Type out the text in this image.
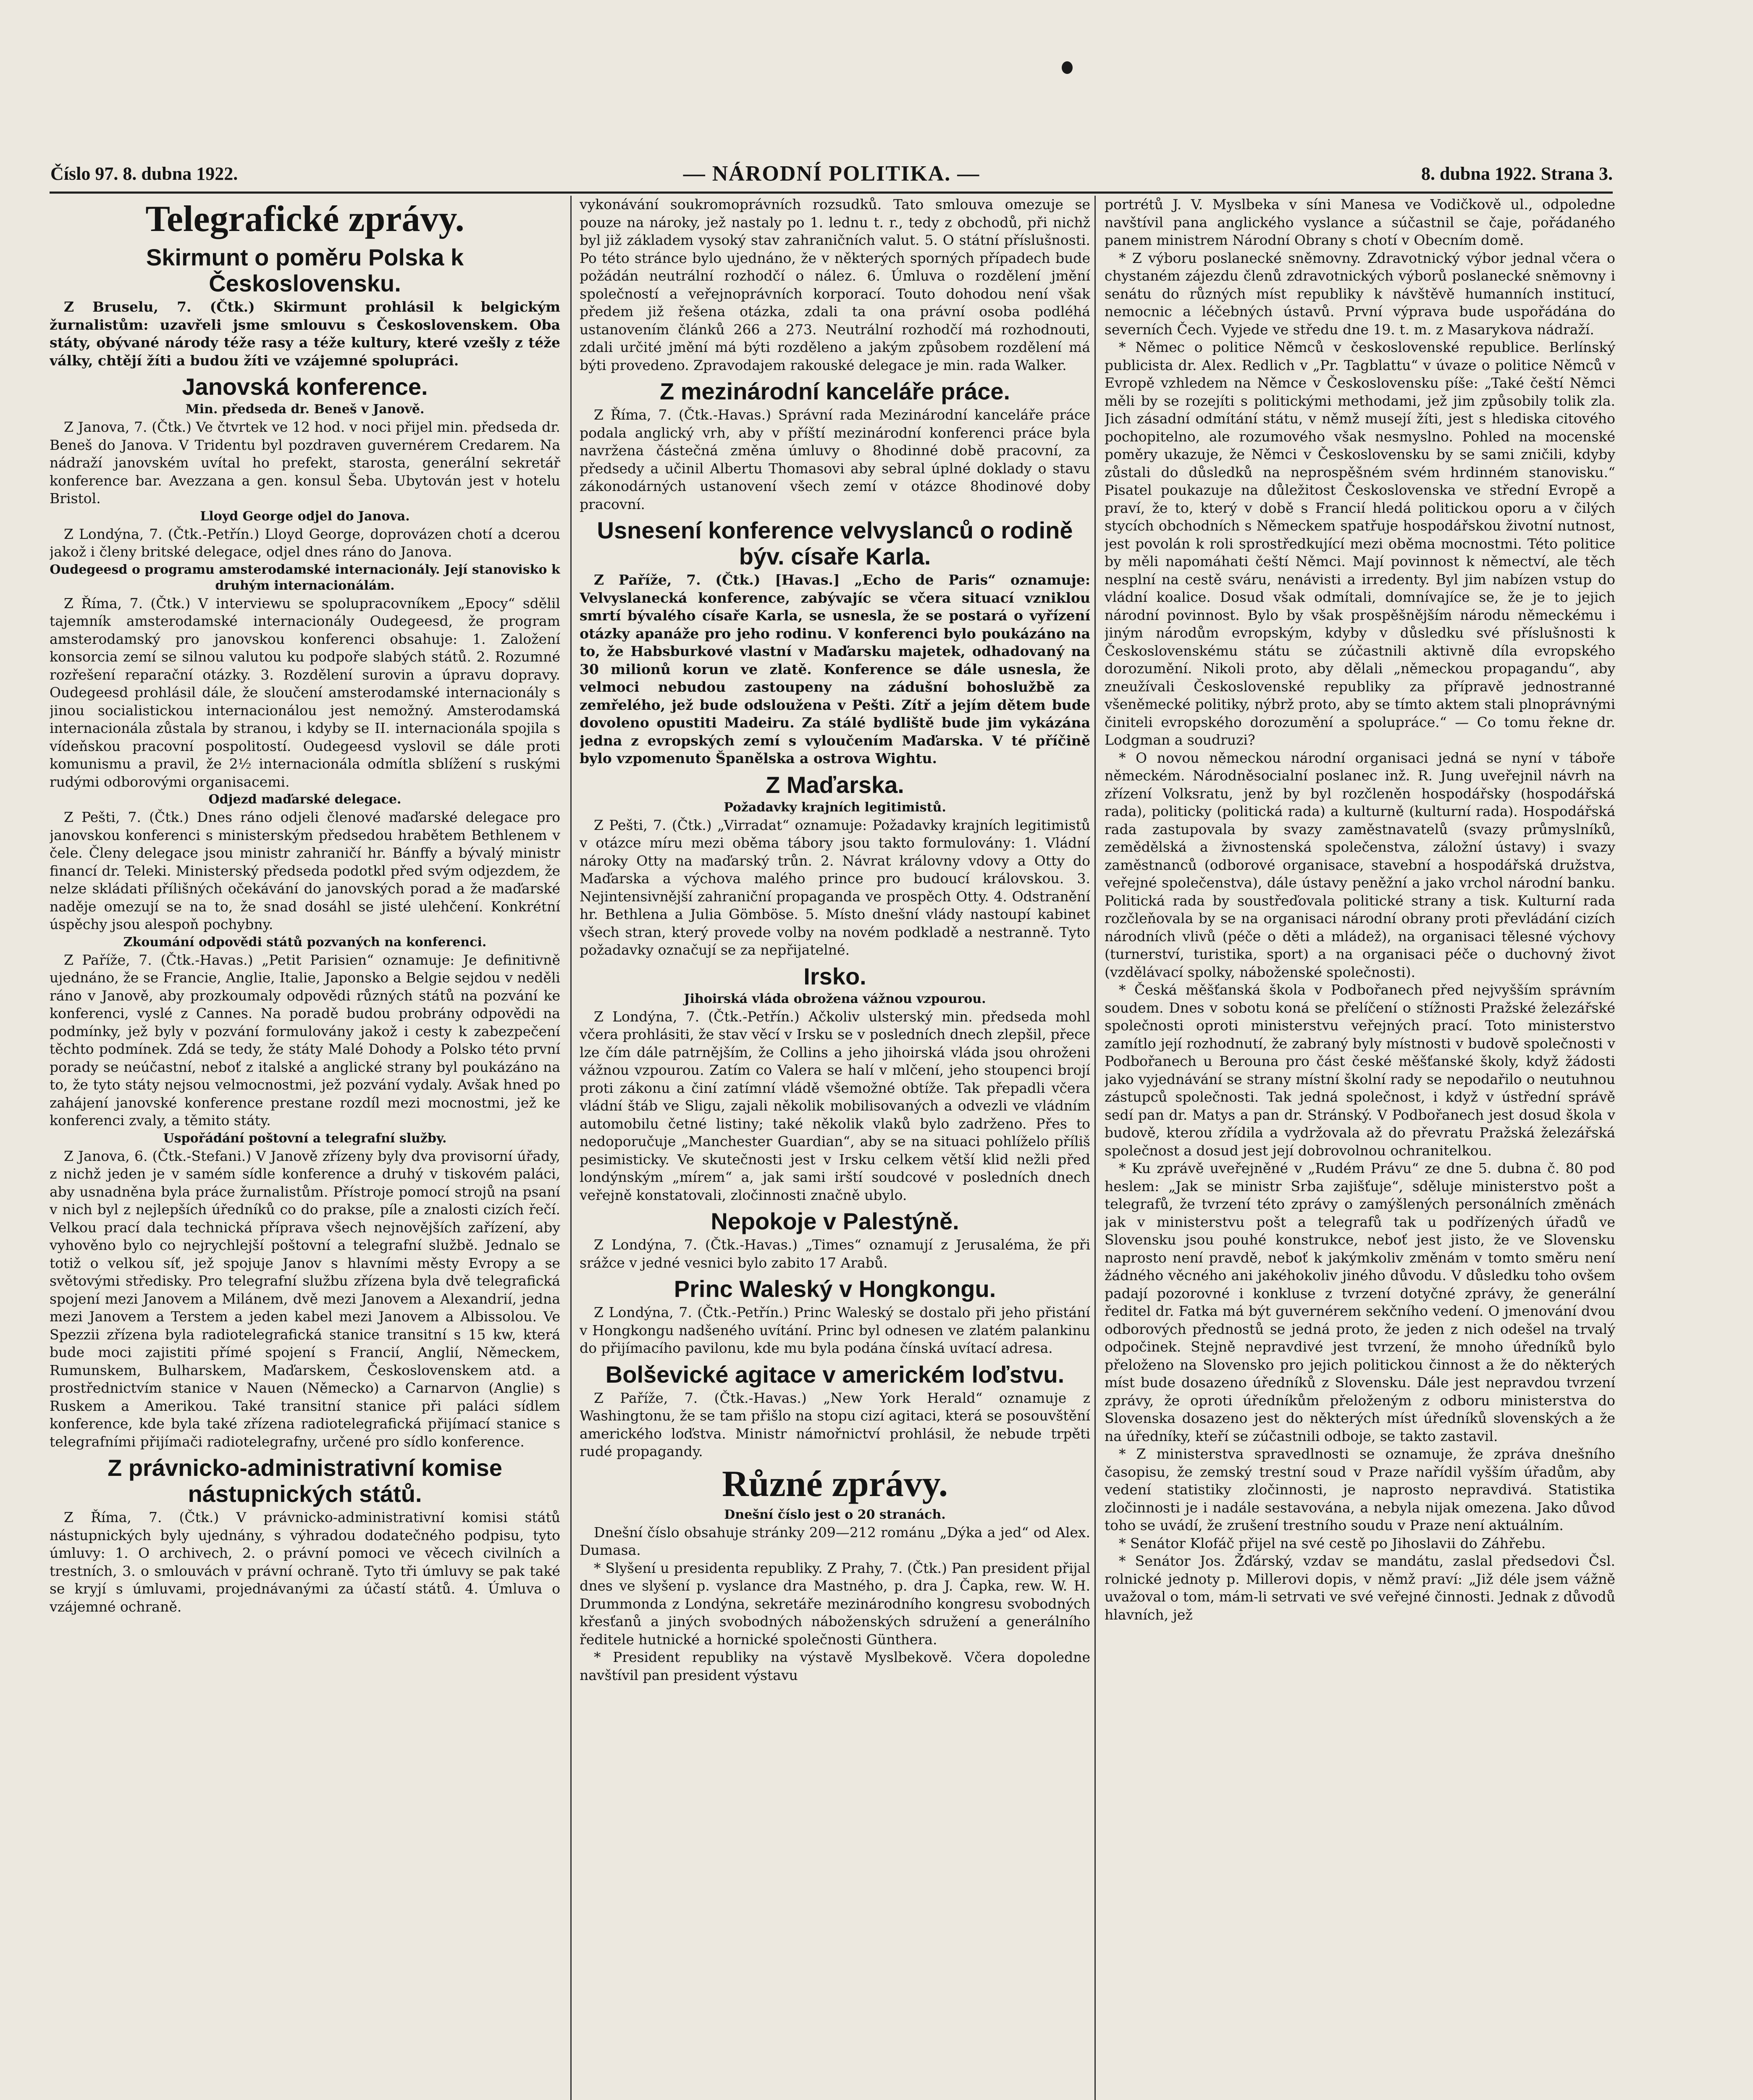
Číslo 97. 8. dubna 1922.	— NÁRODNÍ POLITIKA. —	8. dubna 1922. Strana 3.
Telegrafické zprávy.
Skirmunt o poměru Polska k Československu.

Z Bruselu, 7. (Čtk.) Skirmunt prohlásil k belgickým žurnalistům: uzavřeli jsme smlouvu s Československem. Oba státy, obývané národy téže rasy a téže kultury, které vzešly z téže války, chtějí žíti a budou žíti ve vzájemné spolupráci.

Janovská konference.
Min. předseda dr. Beneš v Janově.

Z Janova, 7. (Čtk.) Ve čtvrtek ve 12 hod. v noci přijel min. předseda dr. Beneš do Janova. V Tridentu byl pozdraven guvernérem Credarem. Na nádraží janovském uvítal ho prefekt, starosta, generální sekretář konference bar. Avezzana a gen. konsul Šeba. Ubytován jest v hotelu Bristol.

Lloyd George odjel do Janova.

Z Londýna, 7. (Čtk.-Petřín.) Lloyd George, doprovázen chotí a dcerou jakož i členy britské delegace, odjel dnes ráno do Janova.

Oudegeesd o programu amsterodamské internacionály. Její stanovisko k druhým internacionálám.

Z Říma, 7. (Čtk.) V interviewu se spolupracovníkem „Epocy“ sdělil tajemník amsterodamské internacionály Oudegeesd, že program amsterodamský pro janovskou konferenci obsahuje: 1. Založení konsorcia zemí se silnou valutou ku podpoře slabých států. 2. Rozumné rozřešení reparační otázky. 3. Rozdělení surovin a úpravu dopravy. Oudegeesd prohlásil dále, že sloučení amsterodamské internacionály s jinou socialistickou internacionálou jest nemožný. Amsterodamská internacionála zůstala by stranou, i kdyby se II. internacionála spojila s vídeňskou pracovní pospolitostí. Oudegeesd vyslovil se dále proti komunismu a pravil, že 2½ internacionála odmítla sblížení s ruskými rudými odborovými organisacemi.

Odjezd maďarské delegace.

Z Pešti, 7. (Čtk.) Dnes ráno odjeli členové maďarské delegace pro janovskou konferenci s ministerským předsedou hrabětem Bethlenem v čele. Členy delegace jsou ministr zahraničí hr. Bánffy a bývalý ministr financí dr. Teleki. Ministerský předseda podotkl před svým odjezdem, že nelze skládati přílišných očekávání do janovských porad a že maďarské naděje omezují se na to, že snad dosáhl se jisté ulehčení. Konkrétní úspěchy jsou alespoň pochybny.

Zkoumání odpovědi států pozvaných na konferenci.

Z Paříže, 7. (Čtk.-Havas.) „Petit Parisien“ oznamuje: Je definitivně ujednáno, že se Francie, Anglie, Italie, Japonsko a Belgie sejdou v neděli ráno v Janově, aby prozkoumaly odpovědi různých států na pozvání ke konferenci, vyslé z Cannes. Na poradě budou probrány odpovědi na podmínky, jež byly v pozvání formulovány jakož i cesty k zabezpečení těchto podmínek. Zdá se tedy, že státy Malé Dohody a Polsko této první porady se neúčastní, neboť z italské a anglické strany byl poukázáno na to, že tyto státy nejsou velmocnostmi, jež pozvání vydaly. Avšak hned po zahájení janovské konference prestane rozdíl mezi mocnostmi, jež ke konferenci zvaly, a těmito státy.

Uspořádání poštovní a telegrafní služby.

Z Janova, 6. (Čtk.-Stefani.) V Janově zřízeny byly dva provisorní úřady, z nichž jeden je v samém sídle konference a druhý v tiskovém paláci, aby usnadněna byla práce žurnalistům. Přístroje pomocí strojů na psaní v nich byl z nejlepších úředníků co do prakse, píle a znalosti cizích řečí. Velkou prací dala technická příprava všech nejnovějších zařízení, aby vyhověno bylo co nejrychlejší poštovní a telegrafní službě. Jednalo se totiž o velkou síť, jež spojuje Janov s hlavními městy Evropy a se světovými středisky. Pro telegrafní službu zřízena byla dvě telegrafická spojení mezi Janovem a Milánem, dvě mezi Janovem a Alexandrií, jedna mezi Janovem a Terstem a jeden kabel mezi Janovem a Albissolou. Ve Spezzii zřízena byla radiotelegrafická stanice transitní s 15 kw, která bude moci zajistiti přímé spojení s Francií, Anglií, Německem, Rumunskem, Bulharskem, Maďarskem, Československem atd. a prostřednictvím stanice v Nauen (Německo) a Carnarvon (Anglie) s Ruskem a Amerikou. Také transitní stanice při paláci sídlem konference, kde byla také zřízena radiotelegrafická přijímací stanice s telegrafními přijímači radiotelegrafny, určené pro sídlo konference.

Z právnicko-administrativní komise nástupnických států.

Z Říma, 7. (Čtk.) V právnicko-administrativní komisi států nástupnických byly ujednány, s výhradou dodatečného podpisu, tyto úmluvy: 1. O archivech, 2. o právní pomoci ve věcech civilních a trestních, 3. o smlouvách v právní ochraně. Tyto tři úmluvy se pak také se kryjí s úmluvami, projednávanými za účastí států. 4. Úmluva o vzájemné ochraně.

vykonávání soukromoprávních rozsudků. Tato smlouva omezuje se pouze na nároky, jež nastaly po 1. lednu t. r., tedy z obchodů, při nichž byl již základem vysoký stav zahraničních valut. 5. O státní příslušnosti. Po této stránce bylo ujednáno, že v některých sporných případech bude požádán neutrální rozhodčí o nález. 6. Úmluva o rozdělení jmění společností a veřejnoprávních korporací. Touto dohodou není však předem již řešena otázka, zdali ta ona právní osoba podléhá ustanovením článků 266 a 273. Neutrální rozhodčí má rozhodnouti, zdali určité jmění má býti rozděleno a jakým způsobem rozdělení má býti provedeno. Zpravodajem rakouské delegace je min. rada Walker.

Z mezinárodní kanceláře práce.

Z Říma, 7. (Čtk.-Havas.) Správní rada Mezinárodní kanceláře práce podala anglický vrh, aby v příští mezinárodní konferenci práce byla navržena částečná změna úmluvy o 8hodinné době pracovní, za předsedy a učinil Albertu Thomasovi aby sebral úplné doklady o stavu zákonodárných ustanovení všech zemí v otázce 8hodinové doby pracovní.

Usnesení konference velvyslanců o rodině býv. císaře Karla.

Z Paříže, 7. (Čtk.) [Havas.] „Echo de Paris“ oznamuje: Velvyslanecká konference, zabývajíc se včera situací vzniklou smrtí bývalého císaře Karla, se usnesla, že se postará o vyřízení otázky apanáže pro jeho rodinu. V konferenci bylo poukázáno na to, že Habsburkové vlastní v Maďarsku majetek, odhadovaný na 30 milionů korun ve zlatě. Konference se dále usnesla, že velmoci nebudou zastoupeny na zádušní bohoslužbě za zemřelého, jež bude odsloužena v Pešti. Zítř a jejím dětem bude dovoleno opustiti Madeiru. Za stálé bydliště bude jim vykázána jedna z evropských zemí s vyloučením Maďarska. V té příčině bylo vzpomenuto Španělska a ostrova Wightu.

Z Maďarska.
Požadavky krajních legitimistů.

Z Pešti, 7. (Čtk.) „Virradat“ oznamuje: Požadavky krajních legitimistů v otázce míru mezi oběma tábory jsou takto formulovány: 1. Vládní nároky Otty na maďarský trůn. 2. Návrat královny vdovy a Otty do Maďarska a výchova malého prince pro budoucí královskou. 3. Nejintensivnější zahraniční propaganda ve prospěch Otty. 4. Odstranění hr. Bethlena a Julia Gömböse. 5. Místo dnešní vlády nastoupí kabinet všech stran, který provede volby na novém podkladě a nestranně. Tyto požadavky označují se za nepřijatelné.

Irsko.
Jihoirská vláda obrožena vážnou vzpourou.

Z Londýna, 7. (Čtk.-Petřín.) Ačkoliv ulsterský min. předseda mohl včera prohlásiti, že stav věcí v Irsku se v posledních dnech zlepšil, přece lze čím dále patrnějším, že Collins a jeho jihoirská vláda jsou ohroženi vážnou vzpourou. Zatím co Valera se halí v mlčení, jeho stoupenci brojí proti zákonu a činí zatímní vládě všemožné obtíže. Tak přepadli včera vládní štáb ve Sligu, zajali několik mobilisovaných a odvezli ve vládním automobilu četné listiny; také několik vlaků bylo zadrženo. Přes to nedoporučuje „Manchester Guardian“, aby se na situaci pohlíželo příliš pesimisticky. Ve skutečnosti jest v Irsku celkem větší klid nežli před londýnským „mírem“ a, jak sami irští soudcové v posledních dnech veřejně konstatovali, zločinnosti značně ubylo.

Nepokoje v Palestýně.

Z Londýna, 7. (Čtk.-Havas.) „Times“ oznamují z Jerusaléma, že při srážce v jedné vesnici bylo zabito 17 Arabů.

Princ Waleský v Hongkongu.

Z Londýna, 7. (Čtk.-Petřín.) Princ Waleský se dostalo při jeho přistání v Hongkongu nadšeného uvítání. Princ byl odnesen ve zlatém palankinu do přijímacího pavilonu, kde mu byla podána čínská uvítací adresa.

Bolševické agitace v americkém loďstvu.

Z Paříže, 7. (Čtk.-Havas.) „New York Herald“ oznamuje z Washingtonu, že se tam přišlo na stopu cizí agitaci, která se posouvštění amerického loďstva. Ministr námořnictví prohlásil, že nebude trpěti rudé propagandy.

Různé zprávy.
Dnešní číslo jest o 20 stranách.

Dnešní číslo obsahuje stránky 209—212 románu „Dýka a jed“ od Alex. Dumasa.

* Slyšení u presidenta republiky. Z Prahy, 7. (Čtk.) Pan president přijal dnes ve slyšení p. vyslance dra Mastného, p. dra J. Čapka, rew. W. H. Drummonda z Londýna, sekretáře mezinárodního kongresu svobodných křesťanů a jiných svobodných náboženských sdružení a generálního ředitele hutnické a hornické společnosti Günthera.

* President republiky na výstavě Myslbekově. Včera dopoledne navštívil pan president výstavu

portrétů J. V. Myslbeka v síni Manesa ve Vodičkově ul., odpoledne navštívil pana anglického vyslance a súčastnil se čaje, pořádaného panem ministrem Národní Obrany s chotí v Obecním domě.

* Z výboru poslanecké sněmovny. Zdravotnický výbor jednal včera o chystaném zájezdu členů zdravotnických výborů poslanecké sněmovny i senátu do různých míst republiky k návštěvě humanních institucí, nemocnic a léčebných ústavů. První výprava bude uspořádána do severních Čech. Vyjede ve středu dne 19. t. m. z Masarykova nádraží.

* Němec o politice Němců v československé republice. Berlínský publicista dr. Alex. Redlich v „Pr. Tagblattu“ v úvaze o politice Němců v Evropě vzhledem na Němce v Československu píše: „Také čeští Němci měli by se rozejíti s politickými methodami, jež jim způsobily tolik zla. Jich zásadní odmítání státu, v němž musejí žíti, jest s hlediska citového pochopitelno, ale rozumového však nesmyslno. Pohled na mocenské poměry ukazuje, že Němci v Československu by se sami zničili, kdyby zůstali do důsledků na neprospěšném svém hrdinném stanovisku.“ Pisatel poukazuje na důležitost Československa ve střední Evropě a praví, že to, který v době s Francií hledá politickou oporu a v čilých stycích obchodních s Německem spatřuje hospodářskou životní nutnost, jest povolán k roli sprostředkující mezi oběma mocnostmi. Této politice by měli napomáhati čeští Němci. Mají povinnost k němectví, ale těch nesplní na cestě sváru, nenávisti a irredenty. Byl jim nabízen vstup do vládní koalice. Dosud však odmítali, domnívajíce se, že je to jejich národní povinnost. Bylo by však prospěšnějším národu německému i jiným národům evropským, kdyby v důsledku své příslušnosti k Československému státu se zúčastnili aktivně díla evropského dorozumění. Nikoli proto, aby dělali „německou propagandu“, aby zneužívali Československé republiky za přípravě jednostranné všeněmecké politiky, nýbrž proto, aby se tímto aktem stali plnoprávnými činiteli evropského dorozumění a spolupráce.“ — Co tomu řekne dr. Lodgman a soudruzi?

* O novou německou národní organisaci jedná se nyní v táboře německém. Národněsocialní poslanec inž. R. Jung uveřejnil návrh na zřízení Volksratu, jenž by byl rozčleněn hospodářsky (hospodářská rada), politicky (politická rada) a kulturně (kulturní rada). Hospodářská rada zastupovala by svazy zaměstnavatelů (svazy průmyslníků, zemědělská a živnostenská společenstva, záložní ústavy) i svazy zaměstnanců (odborové organisace, stavební a hospodářská družstva, veřejné společenstva), dále ústavy peněžní a jako vrchol národní banku. Politická rada by soustřeďovala politické strany a tisk. Kulturní rada rozčleňovala by se na organisaci národní obrany proti převládání cizích národních vlivů (péče o děti a mládež), na organisaci tělesné výchovy (turnerství, turistika, sport) a na organisaci péče o duchovný život (vzdělávací spolky, náboženské společnosti).

* Česká měšťanská škola v Podbořanech před nejvyšším správním soudem. Dnes v sobotu koná se přelíčení o stížnosti Pražské železářské společnosti oproti ministerstvu veřejných prací. Toto ministerstvo zamítlo její rozhodnutí, že zabraný byly místnosti v budově společnosti v Podbořanech u Berouna pro část české měšťanské školy, když žádosti jako vyjednávání se strany místní školní rady se nepodařilo o neutuhnou zástupců společnosti. Tak jedná společnost, i když v ústřední správě sedí pan dr. Matys a pan dr. Stránský. V Podbořanech jest dosud škola v budově, kterou zřídila a vydržovala až do převratu Pražská železářská společnost a dosud jest její dobrovolnou ochranitelkou.

* Ku zprávě uveřejněné v „Rudém Právu“ ze dne 5. dubna č. 80 pod heslem: „Jak se ministr Srba zajišťuje“, sděluje ministerstvo pošt a telegrafů, že tvrzení této zprávy o zamýšlených personálních změnách jak v ministerstvu pošt a telegrafů tak u podřízených úřadů ve Slovensku jsou pouhé konstrukce, neboť jest jisto, že ve Slovensku naprosto není pravdě, neboť k jakýmkoliv změnám v tomto směru není žádného věcného ani jakéhokoliv jiného důvodu. V důsledku toho ovšem padají pozorovné i konkluse z tvrzení dotyčné zprávy, že generální ředitel dr. Fatka má být guvernérem sekčního vedení. O jmenování dvou odborových přednostů se jedná proto, že jeden z nich odešel na trvalý odpočinek. Stejně nepravdivé jest tvrzení, že mnoho úředníků bylo přeloženo na Slovensko pro jejich politickou činnost a že do některých míst bude dosazeno úředníků z Slovensku. Dále jest nepravdou tvrzení zprávy, že oproti úředníkům přeloženým z odboru ministerstva do Slovenska dosazeno jest do některých míst úředníků slovenských a že na úředníky, kteří se zúčastnili odboje, se takto zastavil.

* Z ministerstva spravedlnosti se oznamuje, že zpráva dnešního časopisu, že zemský trestní soud v Praze nařídil vyšším úřadům, aby vedení statistiky zločinnosti, je naprosto nepravdivá. Statistika zločinnosti je i nadále sestavována, a nebyla nijak omezena. Jako důvod toho se uvádí, že zrušení trestního soudu v Praze není aktuálním.

* Senátor Klofáč přijel na své cestě po Jihoslavii do Záhřebu.

* Senátor Jos. Žďárský, vzdav se mandátu, zaslal předsedovi Čsl. rolnické jednoty p. Millerovi dopis, v němž praví: „Již déle jsem vážně uvažoval o tom, mám-li setrvati ve své veřejné činnosti. Jednak z důvodů hlavních, jež
